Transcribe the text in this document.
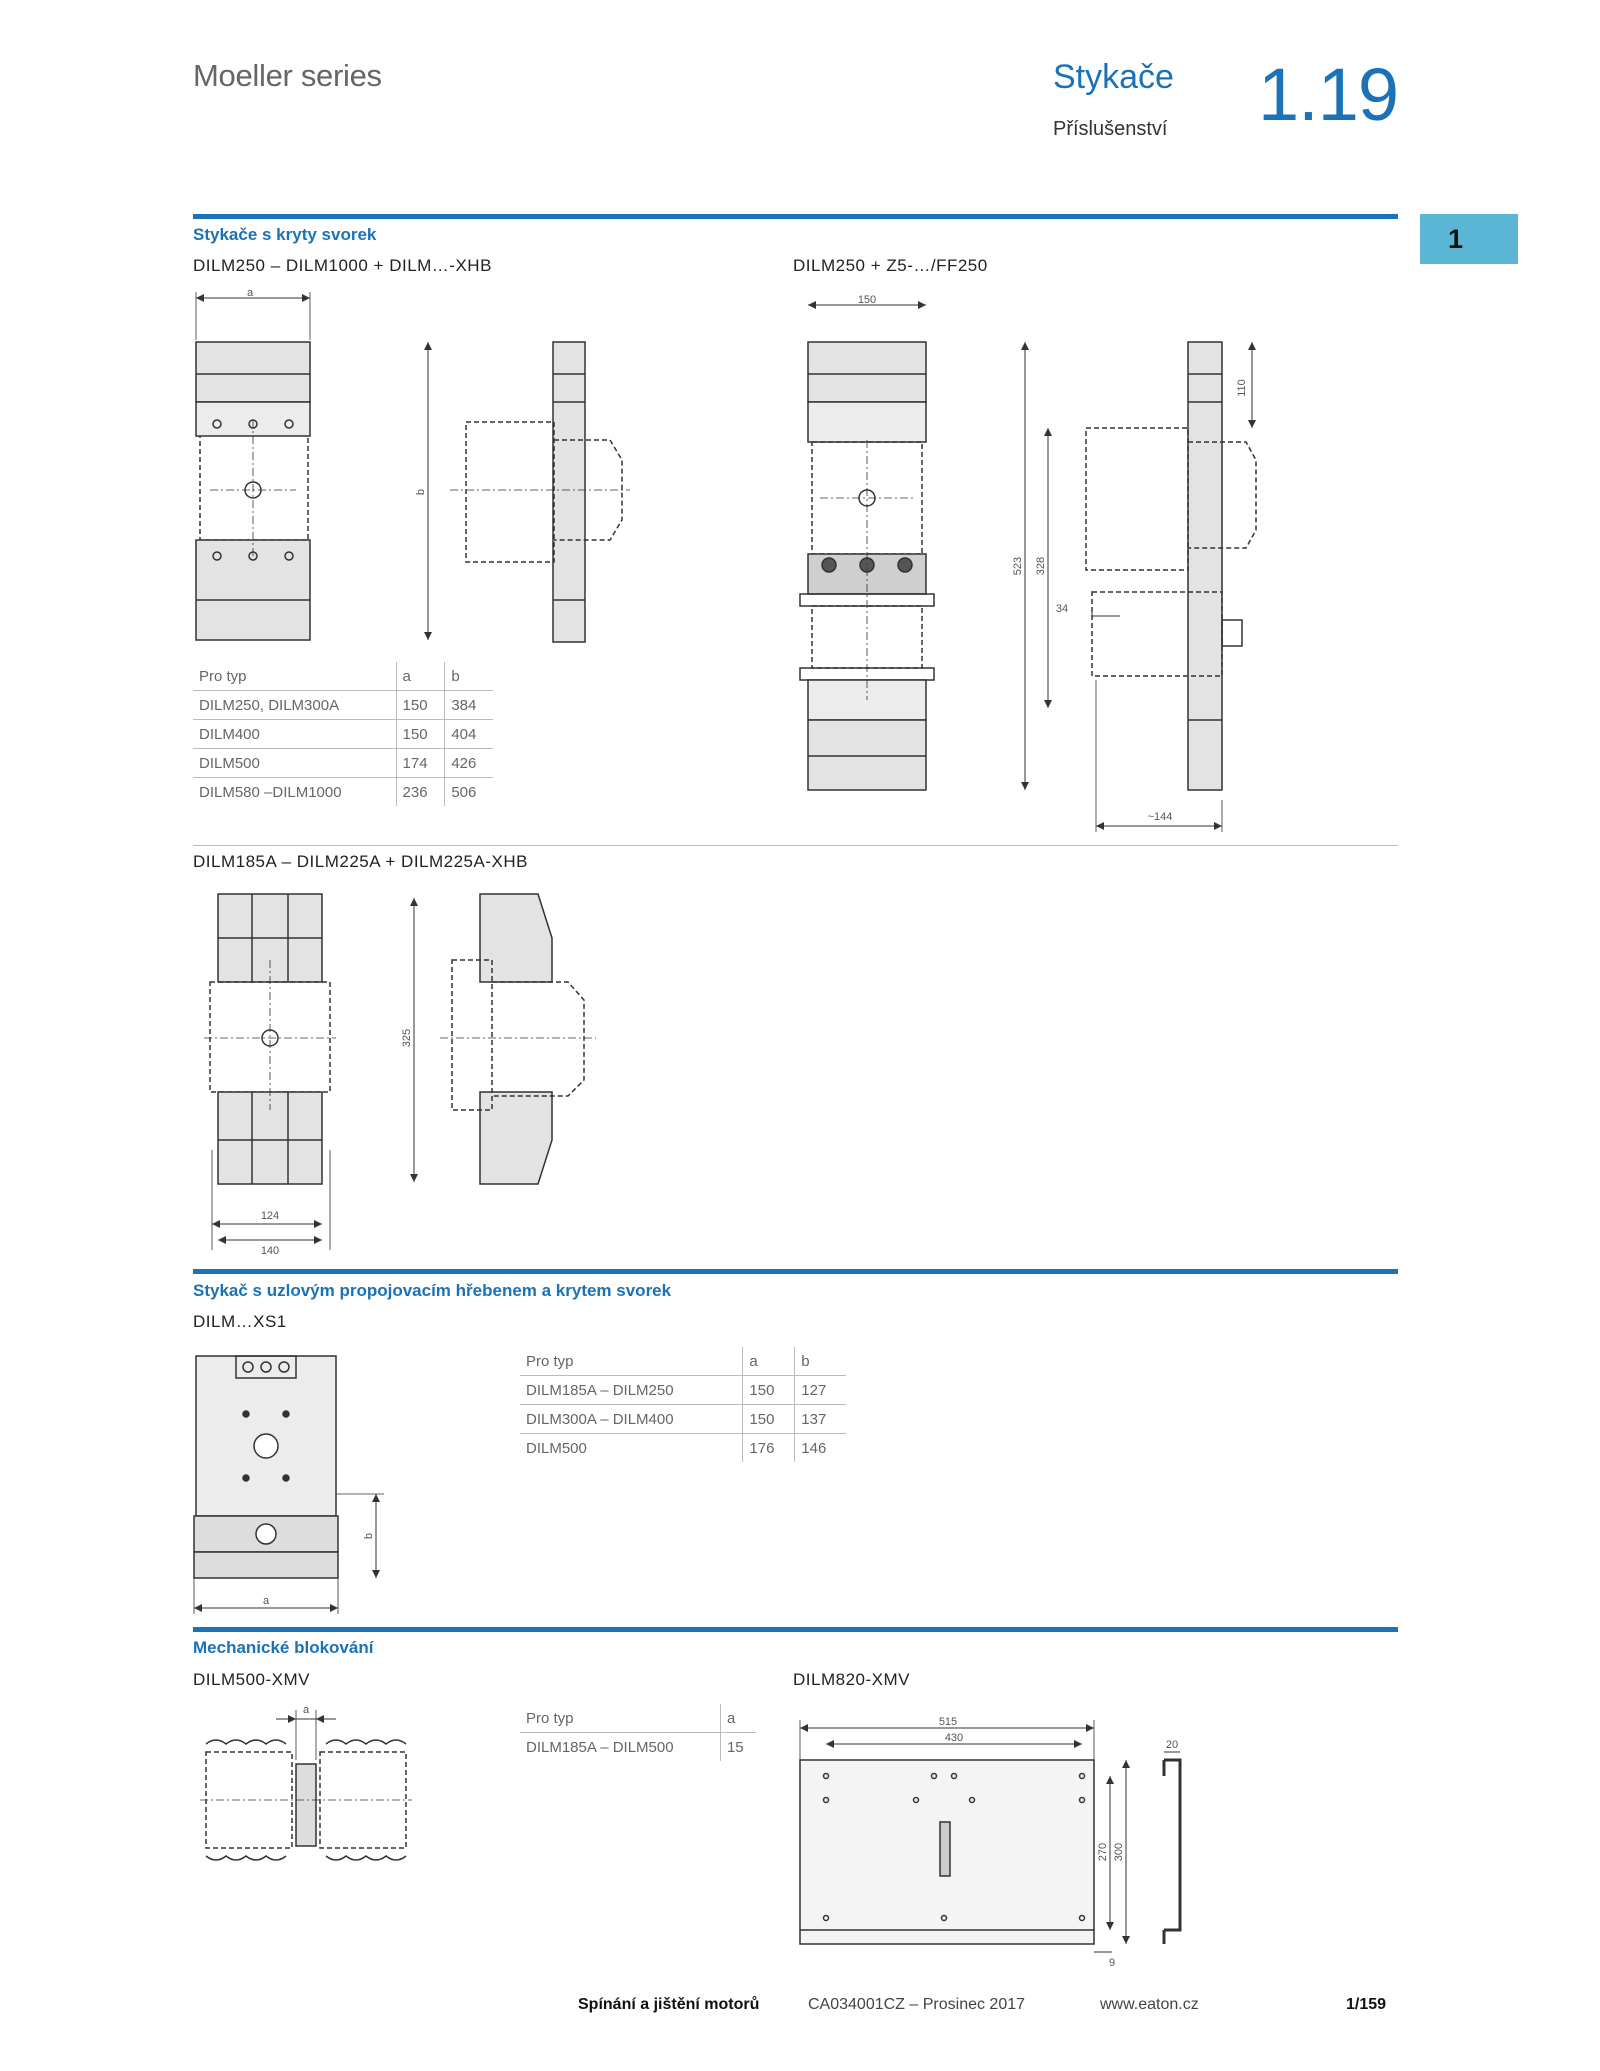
Moeller series	Stykače
Příslušenství 1.19
1
Stykače s kryty svorek
DILM250 – DILM1000 + DILM…-XHB	DILM250 + Z5-…/FF250
a
b
150
110
523 328
34
~144
325
124
140
b
a
a
515
430
20
270 300
9
Pro typ	a	b
DILM250, DILM300A	150	384
DILM400	150	404
DILM500	174	426
DILM580 –DILM1000	236	506
DILM185A – DILM225A + DILM225A-XHB
Stykač s uzlovým propojovacím hřebenem a krytem svorek
DILM…XS1
Pro typ	a	b
DILM185A – DILM250	150	127
DILM300A – DILM400	150	137
DILM500	176	146
Mechanické blokování
DILM500-XMV	DILM820-XMV
Pro typ	a
DILM185A – DILM500	15
Spínání a jištění motorů	CA034001CZ – Prosinec 2017	www.eaton.cz	1/159
